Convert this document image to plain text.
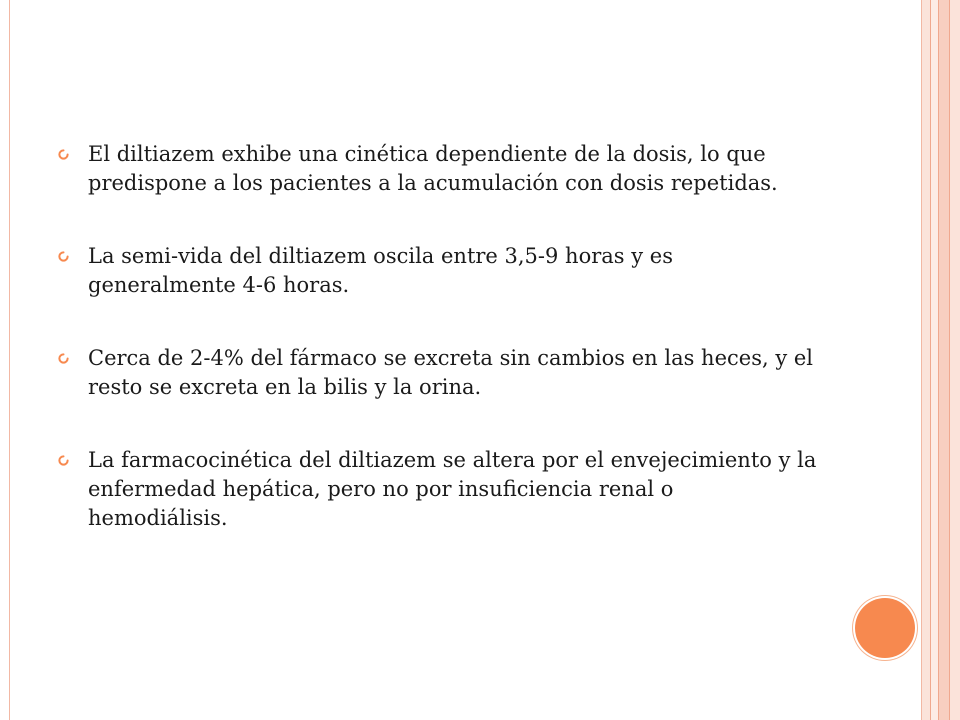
El diltiazem exhibe una cinética dependiente de la dosis, lo que predispone a los pacientes a la acumulación con dosis repetidas.
La semi-vida del diltiazem oscila entre 3,5-9 horas y es generalmente 4-6 horas.
Cerca de 2-4% del fármaco se excreta sin cambios en las heces, y el resto se excreta en la bilis y la orina.
La farmacocinética del diltiazem se altera por el envejecimiento y la enfermedad hepática, pero no por insuficiencia renal o hemodiálisis.
